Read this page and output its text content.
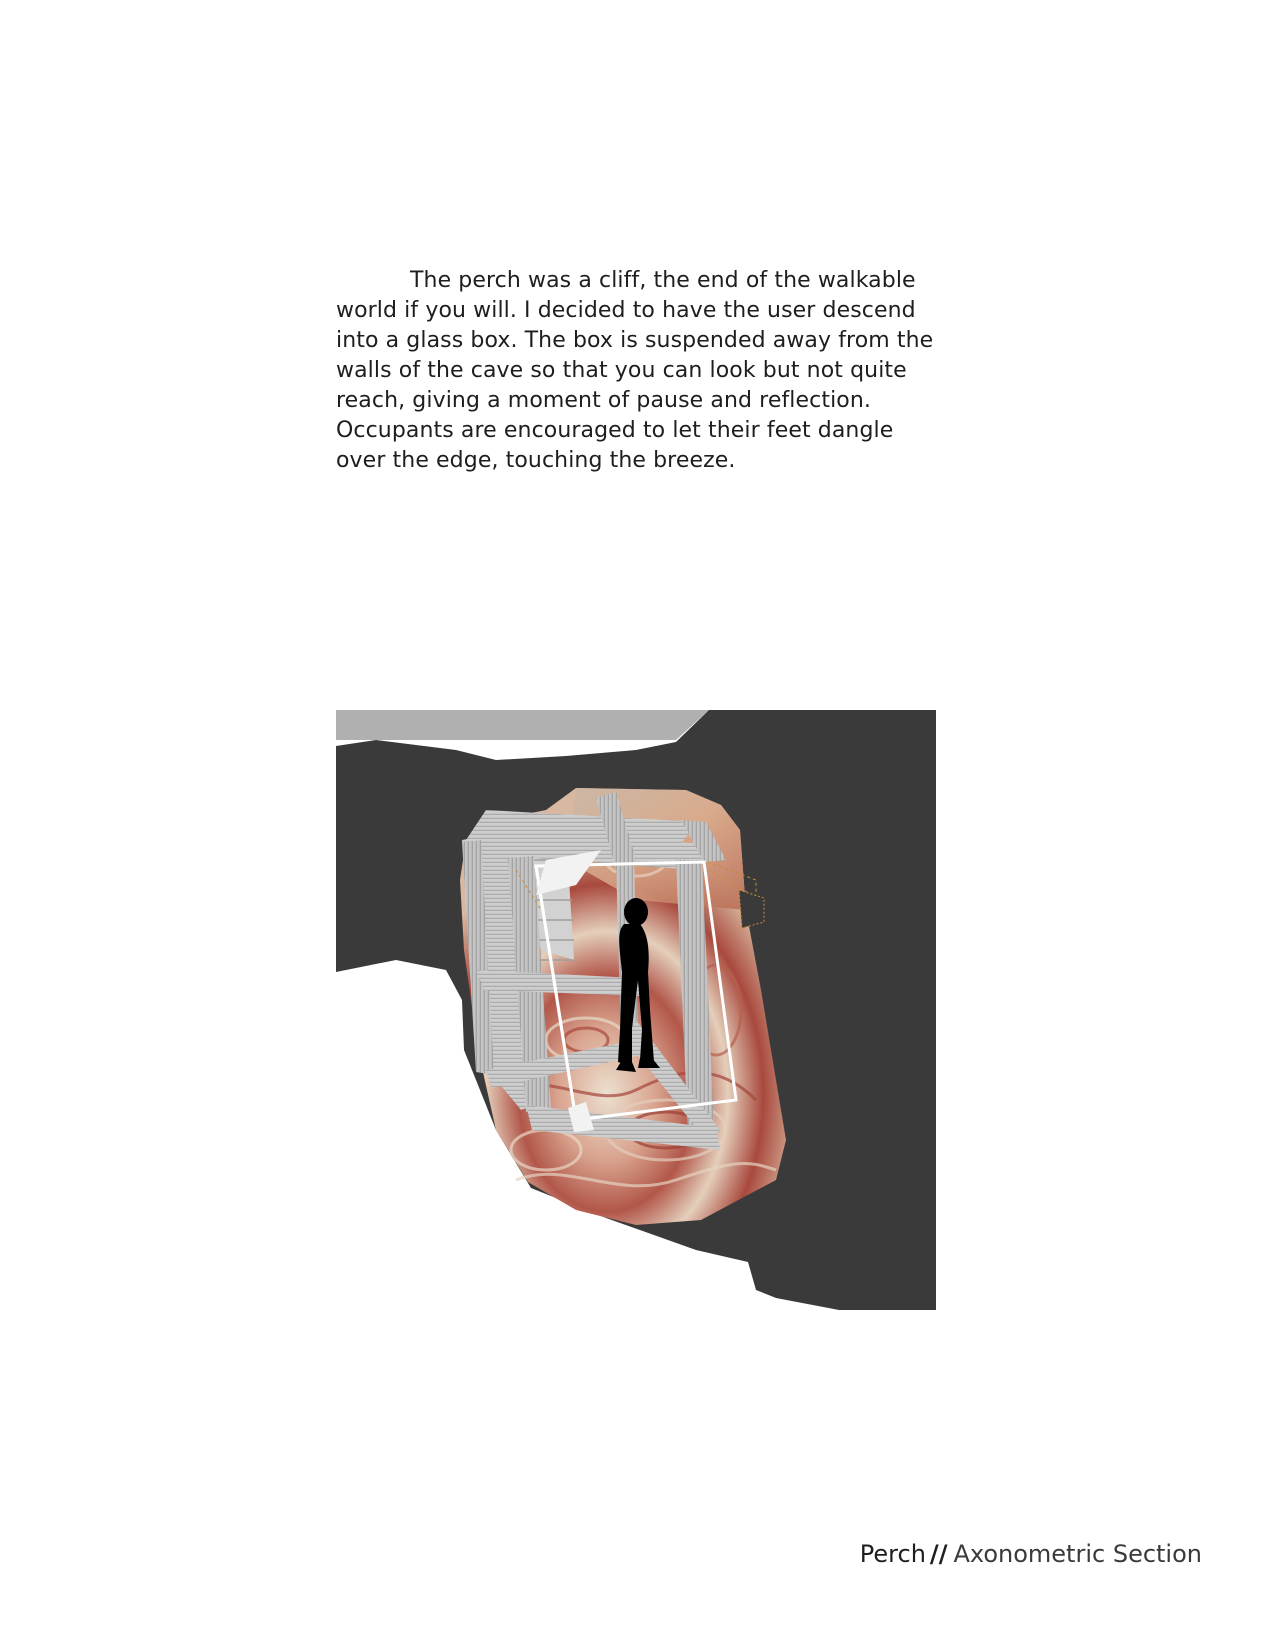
The perch was a cliff, the end of the walkable world if you will. I decided to have the user descend into a glass box. The box is suspended away from the walls of the cave so that you can look but not quite reach, giving a moment of pause and reflection. Occupants are encouraged to let their feet dangle over the edge, touching the breeze.

Perch // Axonometric Section
